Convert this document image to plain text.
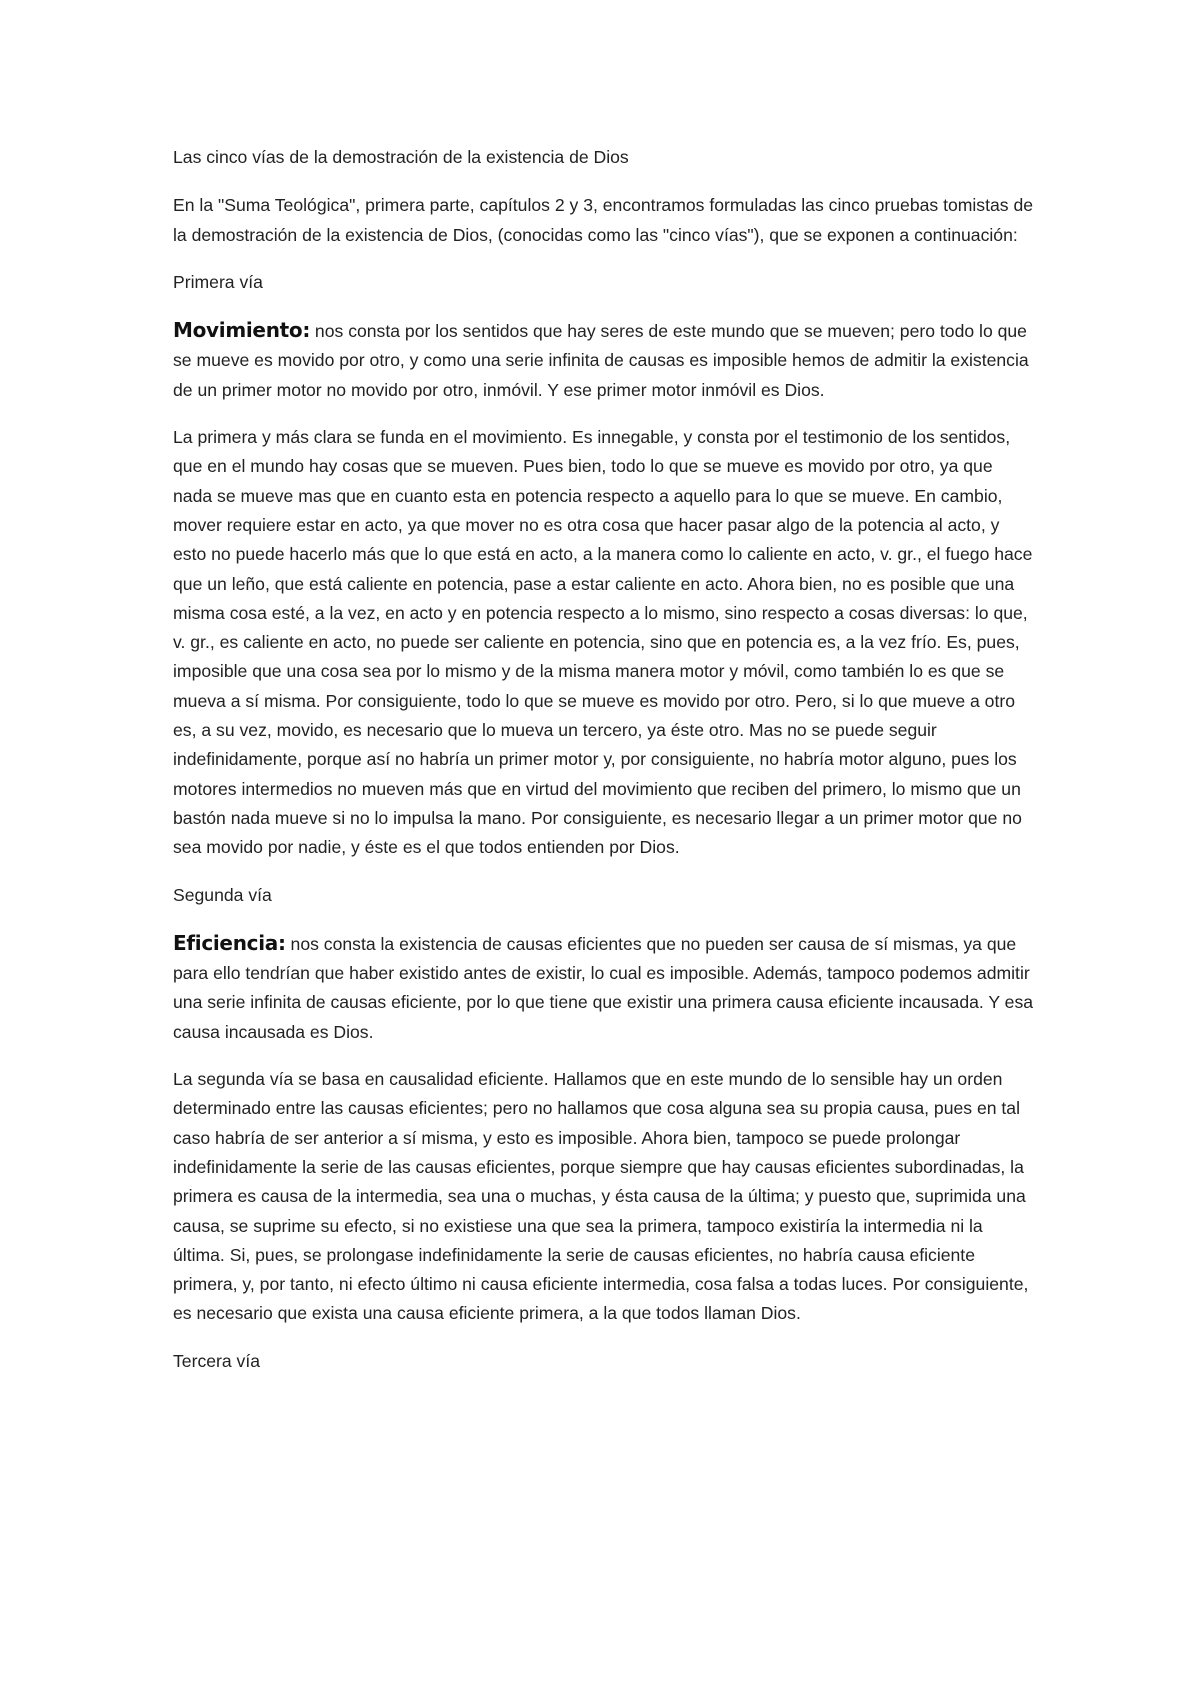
Las cinco vías de la demostración de la existencia de Dios

En la "Suma Teológica", primera parte, capítulos 2 y 3, encontramos formuladas las cinco pruebas tomistas de la demostración de la existencia de Dios, (conocidas como las "cinco vías"), que se exponen a continuación:

Primera vía

Movimiento: nos consta por los sentidos que hay seres de este mundo que se mueven; pero todo lo que se mueve es movido por otro, y como una serie infinita de causas es imposible hemos de admitir la existencia de un primer motor no movido por otro, inmóvil. Y ese primer motor inmóvil es Dios.

La primera y más clara se funda en el movimiento. Es innegable, y consta por el testimonio de los sentidos, que en el mundo hay cosas que se mueven. Pues bien, todo lo que se mueve es movido por otro, ya que nada se mueve mas que en cuanto esta en potencia respecto a aquello para lo que se mueve. En cambio, mover requiere estar en acto, ya que mover no es otra cosa que hacer pasar algo de la potencia al acto, y esto no puede hacerlo más que lo que está en acto, a la manera como lo caliente en acto, v. gr., el fuego hace que un leño, que está caliente en potencia, pase a estar caliente en acto. Ahora bien, no es posible que una misma cosa esté, a la vez, en acto y en potencia respecto a lo mismo, sino respecto a cosas diversas: lo que, v. gr., es caliente en acto, no puede ser caliente en potencia, sino que en potencia es, a la vez frío. Es, pues, imposible que una cosa sea por lo mismo y de la misma manera motor y móvil, como también lo es que se mueva a sí misma. Por consiguiente, todo lo que se mueve es movido por otro. Pero, si lo que mueve a otro es, a su vez, movido, es necesario que lo mueva un tercero, ya éste otro. Mas no se puede seguir indefinidamente, porque así no habría un primer motor y, por consiguiente, no habría motor alguno, pues los motores intermedios no mueven más que en virtud del movimiento que reciben del primero, lo mismo que un bastón nada mueve si no lo impulsa la mano. Por consiguiente, es necesario llegar a un primer motor que no sea movido por nadie, y éste es el que todos entienden por Dios.

Segunda vía

Eficiencia: nos consta la existencia de causas eficientes que no pueden ser causa de sí mismas, ya que para ello tendrían que haber existido antes de existir, lo cual es imposible. Además, tampoco podemos admitir una serie infinita de causas eficiente, por lo que tiene que existir una primera causa eficiente incausada. Y esa causa incausada es Dios.

La segunda vía se basa en causalidad eficiente. Hallamos que en este mundo de lo sensible hay un orden determinado entre las causas eficientes; pero no hallamos que cosa alguna sea su propia causa, pues en tal caso habría de ser anterior a sí misma, y esto es imposible. Ahora bien, tampoco se puede prolongar indefinidamente la serie de las causas eficientes, porque siempre que hay causas eficientes subordinadas, la primera es causa de la intermedia, sea una o muchas, y ésta causa de la última; y puesto que, suprimida una causa, se suprime su efecto, si no existiese una que sea la primera, tampoco existiría la intermedia ni la última. Si, pues, se prolongase indefinidamente la serie de causas eficientes, no habría causa eficiente primera, y, por tanto, ni efecto último ni causa eficiente intermedia, cosa falsa a todas luces. Por consiguiente, es necesario que exista una causa eficiente primera, a la que todos llaman Dios.

Tercera vía
